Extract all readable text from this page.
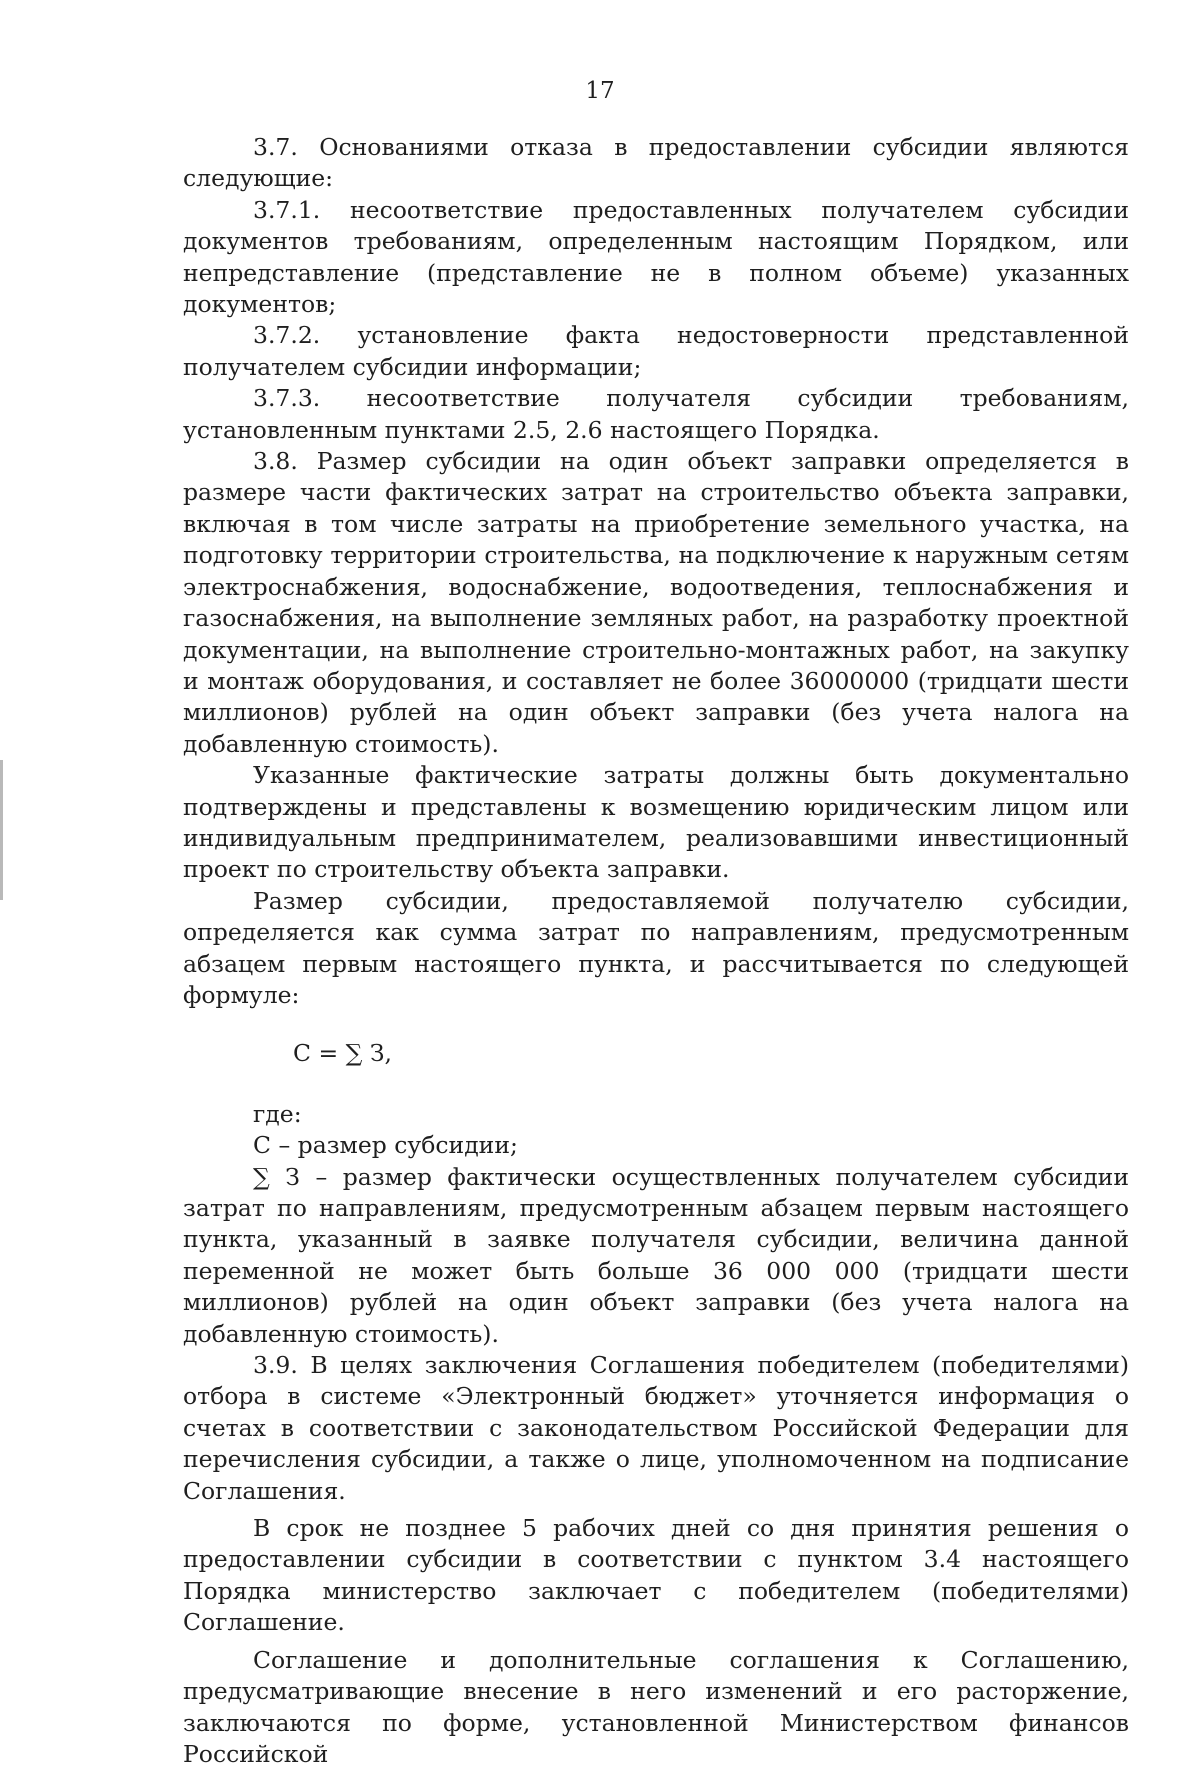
17

3.7. Основаниями отказа в предоставлении субсидии являются следующие:

3.7.1. несоответствие предоставленных получателем субсидии документов требованиям, определенным настоящим Порядком, или непредставление (представление не в полном объеме) указанных документов;

3.7.2. установление факта недостоверности представленной получателем субсидии информации;

3.7.3. несоответствие получателя субсидии требованиям, установленным пунктами 2.5, 2.6 настоящего Порядка.

3.8. Размер субсидии на один объект заправки определяется в размере части фактических затрат на строительство объекта заправки, включая в том числе затраты на приобретение земельного участка, на подготовку территории строительства, на подключение к наружным сетям электроснабжения, водоснабжение, водоотведения, теплоснабжения и газоснабжения, на выполнение земляных работ, на разработку проектной документации, на выполнение строительно-монтажных работ, на закупку и монтаж оборудования, и составляет не более 36000000 (тридцати шести миллионов) рублей на один объект заправки (без учета налога на добавленную стоимость).

Указанные фактические затраты должны быть документально подтверждены и представлены к возмещению юридическим лицом или индивидуальным предпринимателем, реализовавшими инвестиционный проект по строительству объекта заправки.

Размер субсидии, предоставляемой получателю субсидии, определяется как сумма затрат по направлениям, предусмотренным абзацем первым настоящего пункта, и рассчитывается по следующей формуле:

С = ∑ З,

где:

С – размер субсидии;

∑ З – размер фактически осуществленных получателем субсидии затрат по направлениям, предусмотренным абзацем первым настоящего пункта, указанный в заявке получателя субсидии, величина данной переменной не может быть больше 36 000 000 (тридцати шести миллионов) рублей на один объект заправки (без учета налога на добавленную стоимость).

3.9. В целях заключения Соглашения победителем (победителями) отбора в системе «Электронный бюджет» уточняется информация о счетах в соответствии с законодательством Российской Федерации для перечисления субсидии, а также о лице, уполномоченном на подписание Соглашения.

В срок не позднее 5 рабочих дней со дня принятия решения о предоставлении субсидии в соответствии с пунктом 3.4 настоящего Порядка министерство заключает с победителем (победителями) Соглашение.

Соглашение и дополнительные соглашения к Соглашению, предусматривающие внесение в него изменений и его расторжение, заключаются по форме, установленной Министерством финансов Российской
